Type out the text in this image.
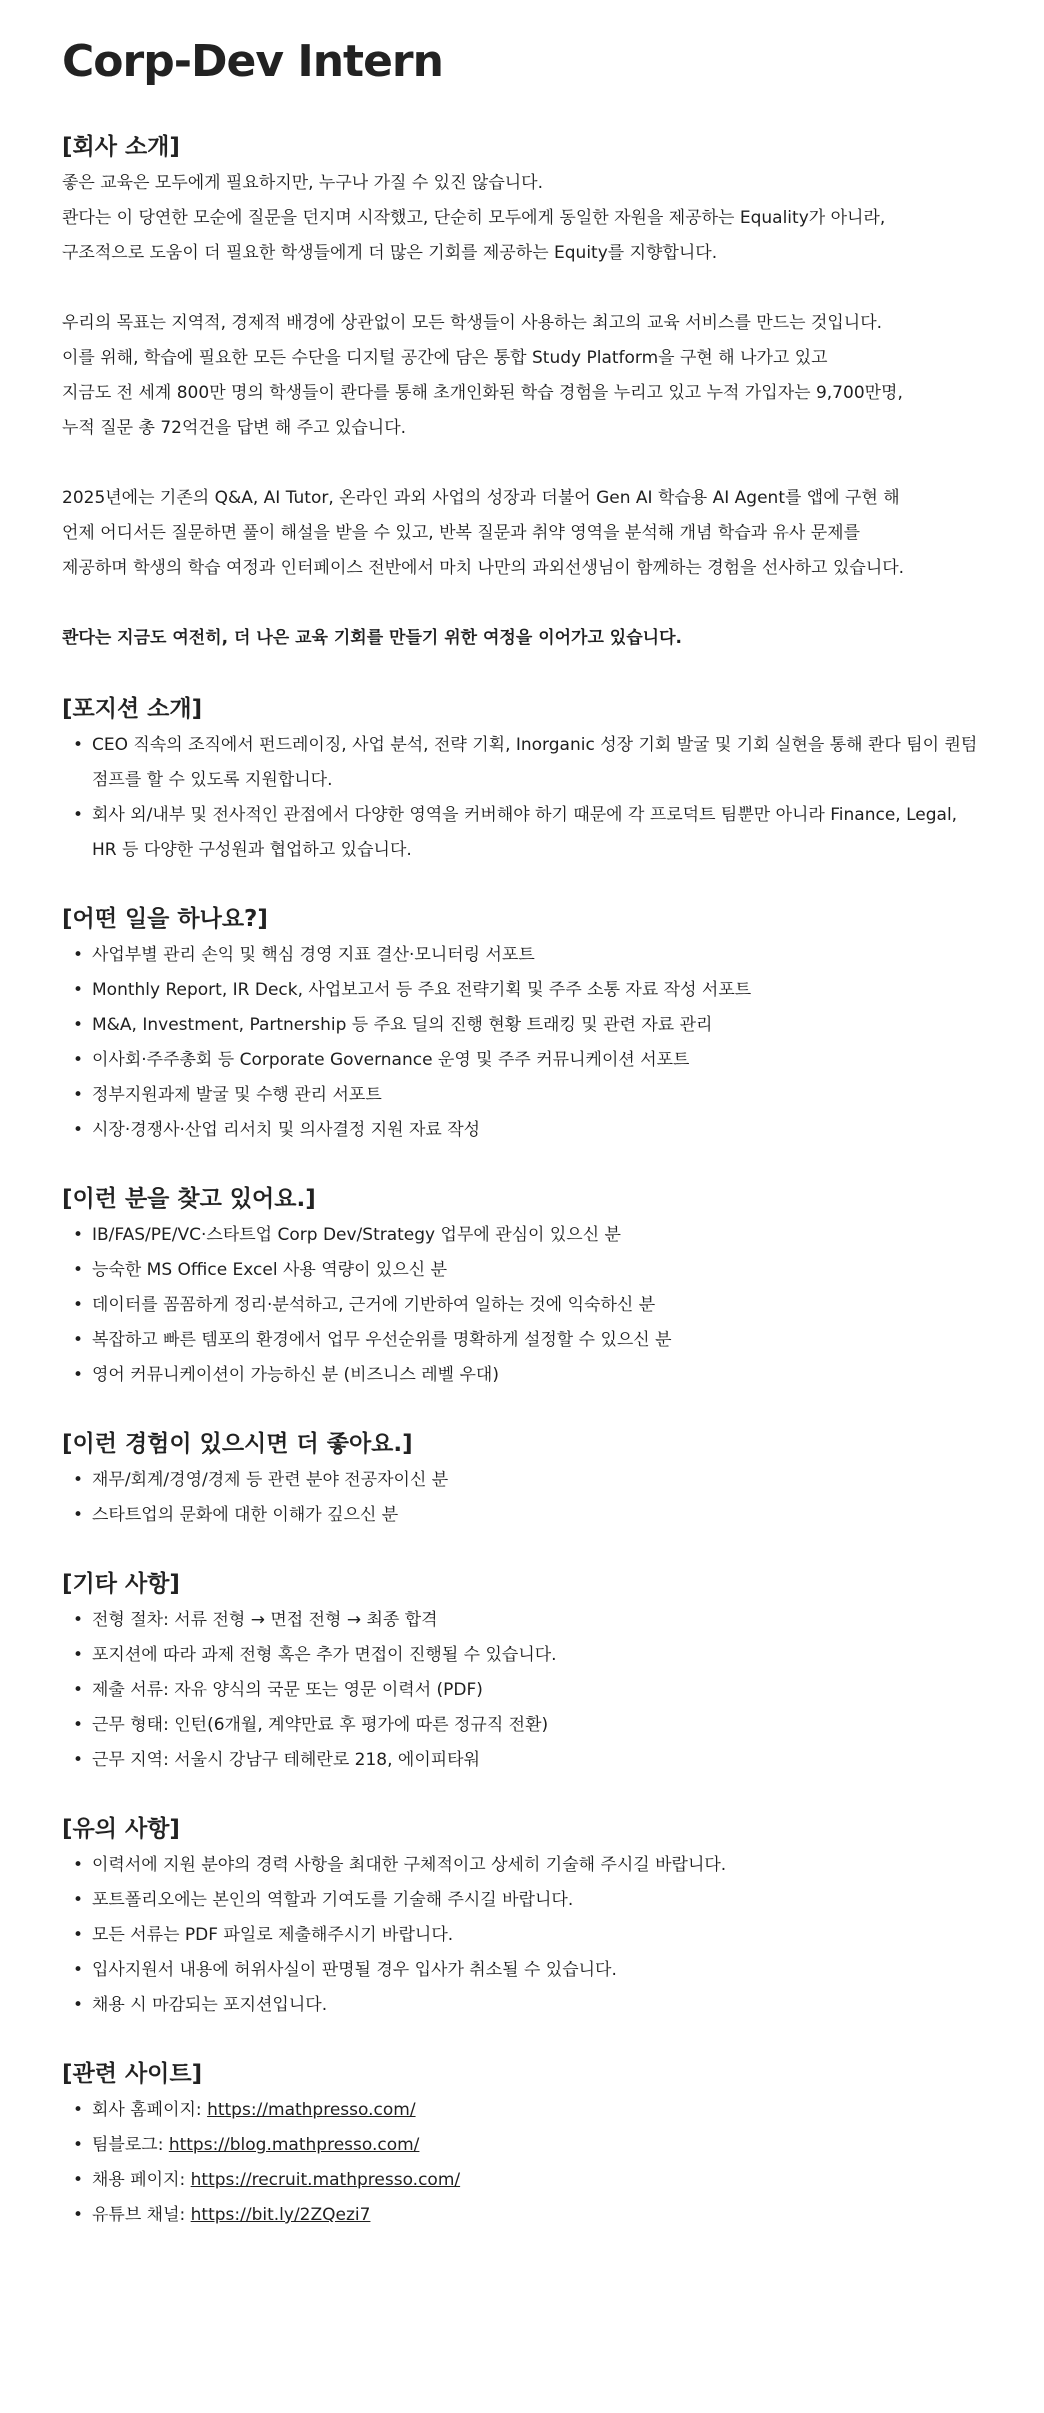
Corp-Dev Intern
[회사 소개]

좋은 교육은 모두에게 필요하지만, 누구나 가질 수 있진 않습니다.

콴다는 이 당연한 모순에 질문을 던지며 시작했고, 단순히 모두에게 동일한 자원을 제공하는 Equality가 아니라,

구조적으로 도움이 더 필요한 학생들에게 더 많은 기회를 제공하는 Equity를 지향합니다.

우리의 목표는 지역적, 경제적 배경에 상관없이 모든 학생들이 사용하는 최고의 교육 서비스를 만드는 것입니다.

이를 위해, 학습에 필요한 모든 수단을 디지털 공간에 담은 통합 Study Platform을 구현 해 나가고 있고

지금도 전 세계 800만 명의 학생들이 콴다를 통해 초개인화된 학습 경험을 누리고 있고 누적 가입자는 9,700만명,

누적 질문 총 72억건을 답변 해 주고 있습니다.

2025년에는 기존의 Q&A, AI Tutor, 온라인 과외 사업의 성장과 더불어 Gen AI 학습용 AI Agent를 앱에 구현 해

언제 어디서든 질문하면 풀이 해설을 받을 수 있고, 반복 질문과 취약 영역을 분석해 개념 학습과 유사 문제를

제공하며 학생의 학습 여정과 인터페이스 전반에서 마치 나만의 과외선생님이 함께하는 경험을 선사하고 있습니다.

콴다는 지금도 여전히, 더 나은 교육 기회를 만들기 위한 여정을 이어가고 있습니다.

[포지션 소개]
• CEO 직속의 조직에서 펀드레이징, 사업 분석, 전략 기획, Inorganic 성장 기회 발굴 및 기회 실현을 통해 콴다 팀이 퀀텀 점프를 할 수 있도록 지원합니다.
• 회사 외/내부 및 전사적인 관점에서 다양한 영역을 커버해야 하기 때문에 각 프로덕트 팀뿐만 아니라 Finance, Legal, HR 등 다양한 구성원과 협업하고 있습니다.
[어떤 일을 하나요?]
• 사업부별 관리 손익 및 핵심 경영 지표 결산·모니터링 서포트
• Monthly Report, IR Deck, 사업보고서 등 주요 전략기획 및 주주 소통 자료 작성 서포트
• M&A, Investment, Partnership 등 주요 딜의 진행 현황 트래킹 및 관련 자료 관리
• 이사회·주주총회 등 Corporate Governance 운영 및 주주 커뮤니케이션 서포트
• 정부지원과제 발굴 및 수행 관리 서포트
• 시장·경쟁사·산업 리서치 및 의사결정 지원 자료 작성
[이런 분을 찾고 있어요.]
• IB/FAS/PE/VC·스타트업 Corp Dev/Strategy 업무에 관심이 있으신 분
• 능숙한 MS Office Excel 사용 역량이 있으신 분
• 데이터를 꼼꼼하게 정리·분석하고, 근거에 기반하여 일하는 것에 익숙하신 분
• 복잡하고 빠른 템포의 환경에서 업무 우선순위를 명확하게 설정할 수 있으신 분
• 영어 커뮤니케이션이 가능하신 분 (비즈니스 레벨 우대)
[이런 경험이 있으시면 더 좋아요.]
• 재무/회계/경영/경제 등 관련 분야 전공자이신 분
• 스타트업의 문화에 대한 이해가 깊으신 분
[기타 사항]
• 전형 절차: 서류 전형 → 면접 전형 → 최종 합격
• 포지션에 따라 과제 전형 혹은 추가 면접이 진행될 수 있습니다.
• 제출 서류: 자유 양식의 국문 또는 영문 이력서 (PDF)
• 근무 형태: 인턴(6개월, 계약만료 후 평가에 따른 정규직 전환)
• 근무 지역: 서울시 강남구 테헤란로 218, 에이피타워
[유의 사항]
• 이력서에 지원 분야의 경력 사항을 최대한 구체적이고 상세히 기술해 주시길 바랍니다.
• 포트폴리오에는 본인의 역할과 기여도를 기술해 주시길 바랍니다.
• 모든 서류는 PDF 파일로 제출해주시기 바랍니다.
• 입사지원서 내용에 허위사실이 판명될 경우 입사가 취소될 수 있습니다.
• 채용 시 마감되는 포지션입니다.
[관련 사이트]
• 회사 홈페이지: https://mathpresso.com/
• 팀블로그: https://blog.mathpresso.com/
• 채용 페이지: https://recruit.mathpresso.com/
• 유튜브 채널: https://bit.ly/2ZQezi7
